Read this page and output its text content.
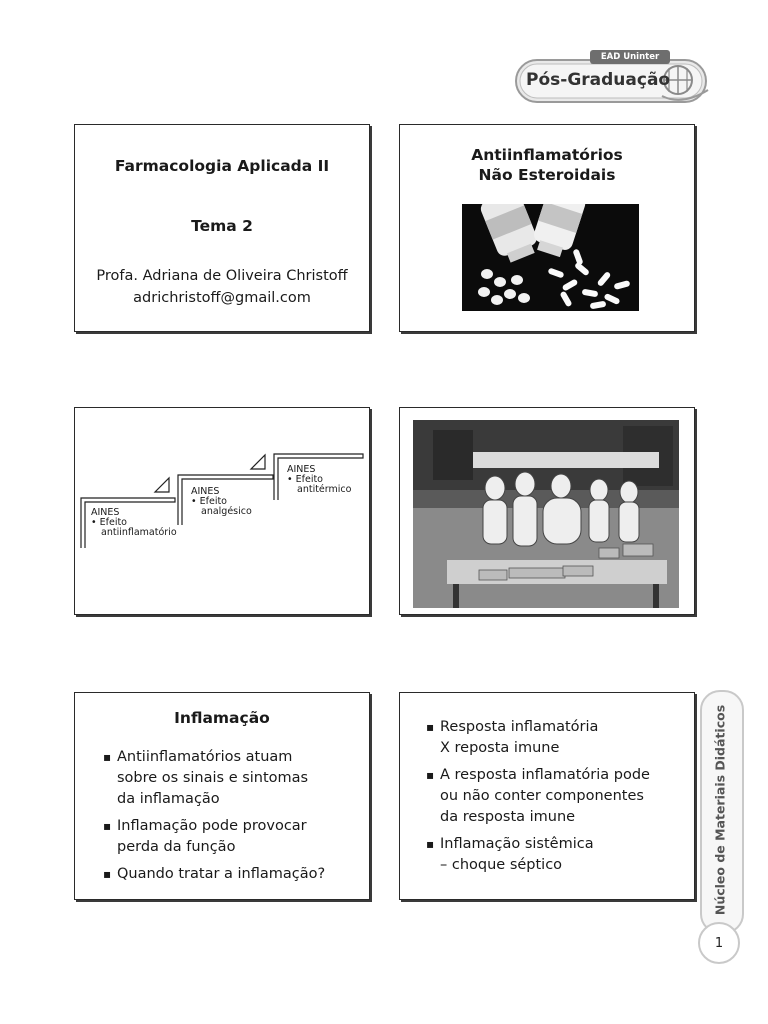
EAD Uninter
Pós-Graduação
Farmacologia Aplicada II
Tema 2
Profa. Adriana de Oliveira Christoff
adrichristoff@gmail.com
Antiinflamatórios
Não Esteroidais
AINES
• Efeito
antiinflamatório
AINES
• Efeito
analgésico
AINES
• Efeito
antitérmico
Inflamação
▪ Antiinflamatórios atuam
sobre os sinais e sintomas
da inflamação
▪ Inflamação pode provocar
perda da função
▪ Quando tratar a inflamação?
▪ Resposta inflamatória
X reposta imune
▪ A resposta inflamatória pode
ou não conter componentes
da resposta imune
▪ Inflamação sistêmica
– choque séptico	Núcleo de Materiais Didáticos
1
